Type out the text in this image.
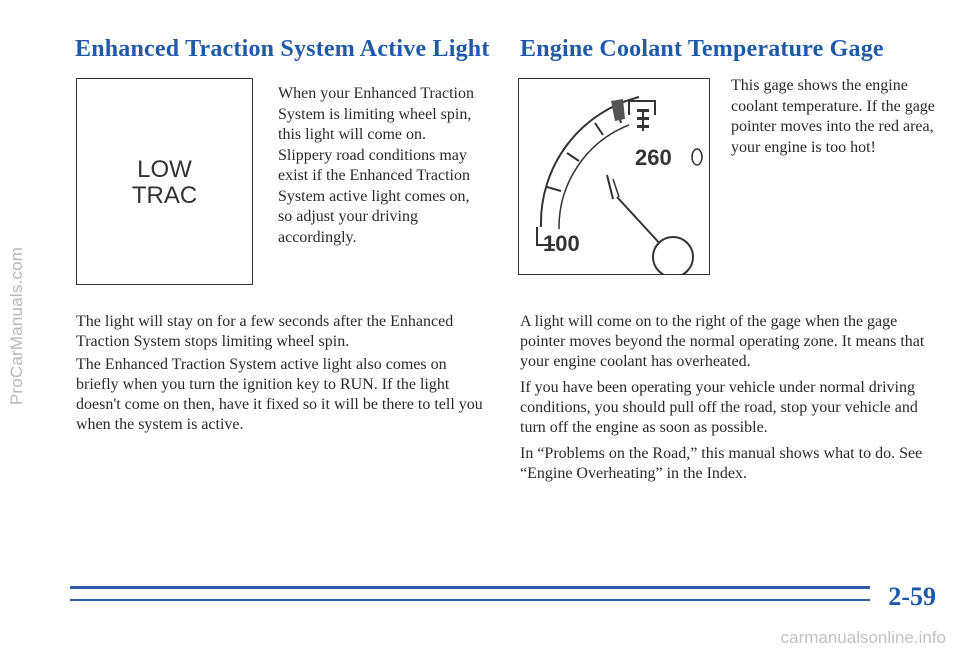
ProCarManuals.com
Enhanced Traction System Active Light
LOW
TRAC

When your Enhanced Traction System is limiting wheel spin, this light will come on. Slippery road conditions may exist if the Enhanced Traction System active light comes on, so adjust your driving accordingly.

The light will stay on for a few seconds after the Enhanced Traction System stops limiting wheel spin.

The Enhanced Traction System active light also comes on briefly when you turn the ignition key to RUN. If the light doesn't come on then, have it fixed so it will be there to tell you when the system is active.

Engine Coolant Temperature Gage
260
100

This gage shows the engine coolant temperature. If the gage pointer moves into the red area, your engine is too hot!

A light will come on to the right of the gage when the gage pointer moves beyond the normal operating zone. It means that your engine coolant has overheated.

If you have been operating your vehicle under normal driving conditions, you should pull off the road, stop your vehicle and turn off the engine as soon as possible.

In “Problems on the Road,” this manual shows what to do. See “Engine Overheating” in the Index.

2-59
carmanualsonline.info
